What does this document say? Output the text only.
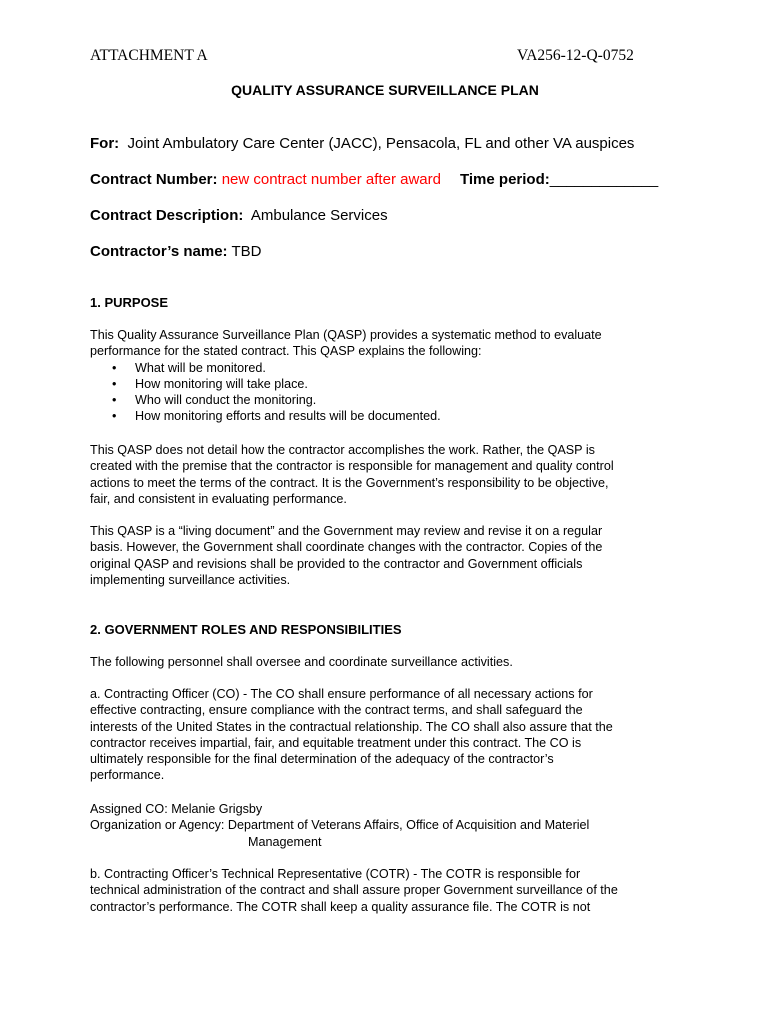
ATTACHMENT A	VA256-12-Q-0752
QUALITY ASSURANCE SURVEILLANCE PLAN
For: Joint Ambulatory Care Center (JACC), Pensacola, FL and other VA auspices
Contract Number: new contract number after award Time period:_____________
Contract Description: Ambulance Services
Contractor’s name: TBD
1. PURPOSE
This Quality Assurance Surveillance Plan (QASP) provides a systematic method to evaluate
performance for the stated contract. This QASP explains the following:
• What will be monitored.
• How monitoring will take place.
• Who will conduct the monitoring.
• How monitoring efforts and results will be documented.
This QASP does not detail how the contractor accomplishes the work. Rather, the QASP is
created with the premise that the contractor is responsible for management and quality control
actions to meet the terms of the contract. It is the Government’s responsibility to be objective,
fair, and consistent in evaluating performance.
This QASP is a “living document” and the Government may review and revise it on a regular
basis. However, the Government shall coordinate changes with the contractor. Copies of the
original QASP and revisions shall be provided to the contractor and Government officials
implementing surveillance activities.
2. GOVERNMENT ROLES AND RESPONSIBILITIES
The following personnel shall oversee and coordinate surveillance activities.
a. Contracting Officer (CO) - The CO shall ensure performance of all necessary actions for
effective contracting, ensure compliance with the contract terms, and shall safeguard the
interests of the United States in the contractual relationship. The CO shall also assure that the
contractor receives impartial, fair, and equitable treatment under this contract. The CO is
ultimately responsible for the final determination of the adequacy of the contractor’s
performance.
Assigned CO: Melanie Grigsby
Organization or Agency: Department of Veterans Affairs, Office of Acquisition and Materiel
Management
b. Contracting Officer’s Technical Representative (COTR) - The COTR is responsible for
technical administration of the contract and shall assure proper Government surveillance of the
contractor’s performance. The COTR shall keep a quality assurance file. The COTR is not
